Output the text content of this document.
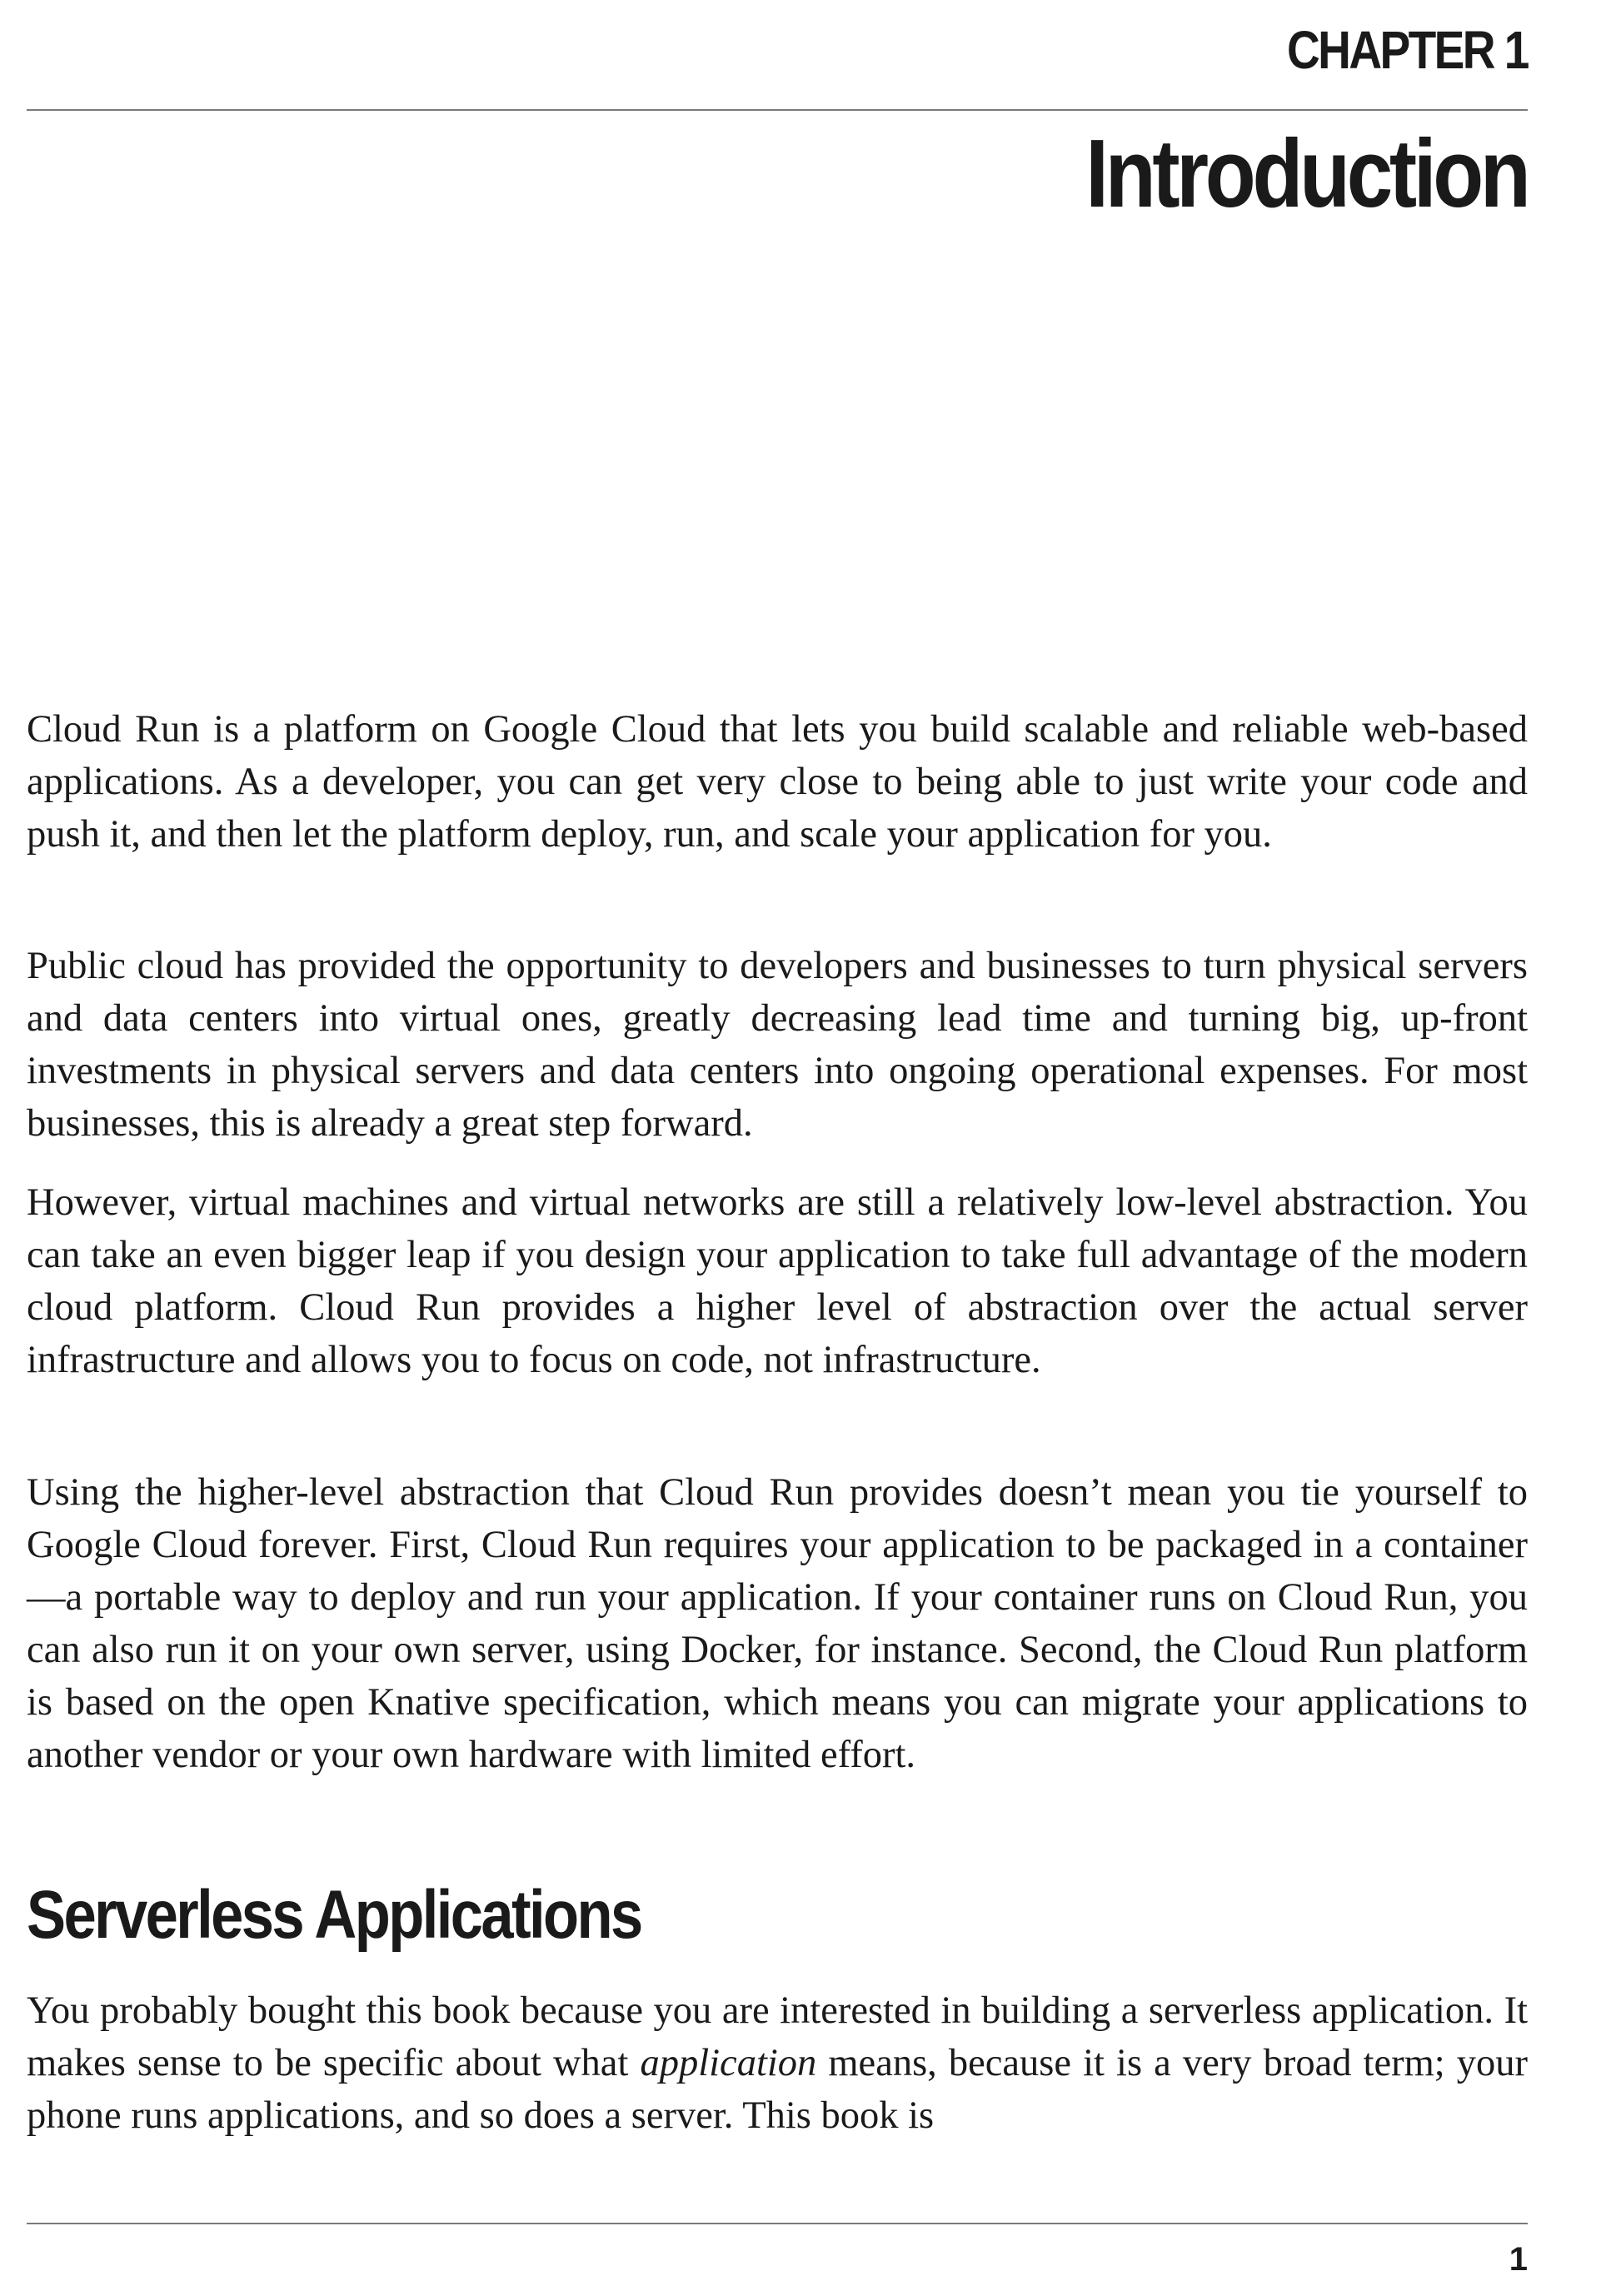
CHAPTER 1
Introduction

Cloud Run is a platform on Google Cloud that lets you build scalable and reliable web-based applications. As a developer, you can get very close to being able to just write your code and push it, and then let the platform deploy, run, and scale your application for you.

Public cloud has provided the opportunity to developers and businesses to turn physical servers and data centers into virtual ones, greatly decreasing lead time and turning big, up-front investments in physical servers and data centers into ongoing operational expenses. For most businesses, this is already a great step forward.

However, virtual machines and virtual networks are still a relatively low-level abstraction. You can take an even bigger leap if you design your application to take full advantage of the modern cloud platform. Cloud Run provides a higher level of abstraction over the actual server infrastructure and allows you to focus on code, not infrastructure.

Using the higher-level abstraction that Cloud Run provides doesn’t mean you tie yourself to Google Cloud forever. First, Cloud Run requires your application to be packaged in a container—a portable way to deploy and run your application. If your container runs on Cloud Run, you can also run it on your own server, using Docker, for instance. Second, the Cloud Run platform is based on the open Knative specification, which means you can migrate your applications to another vendor or your own hardware with limited effort.

Serverless Applications

You probably bought this book because you are interested in building a serverless application. It makes sense to be specific about what application means, because it is a very broad term; your phone runs applications, and so does a server. This book is

1
